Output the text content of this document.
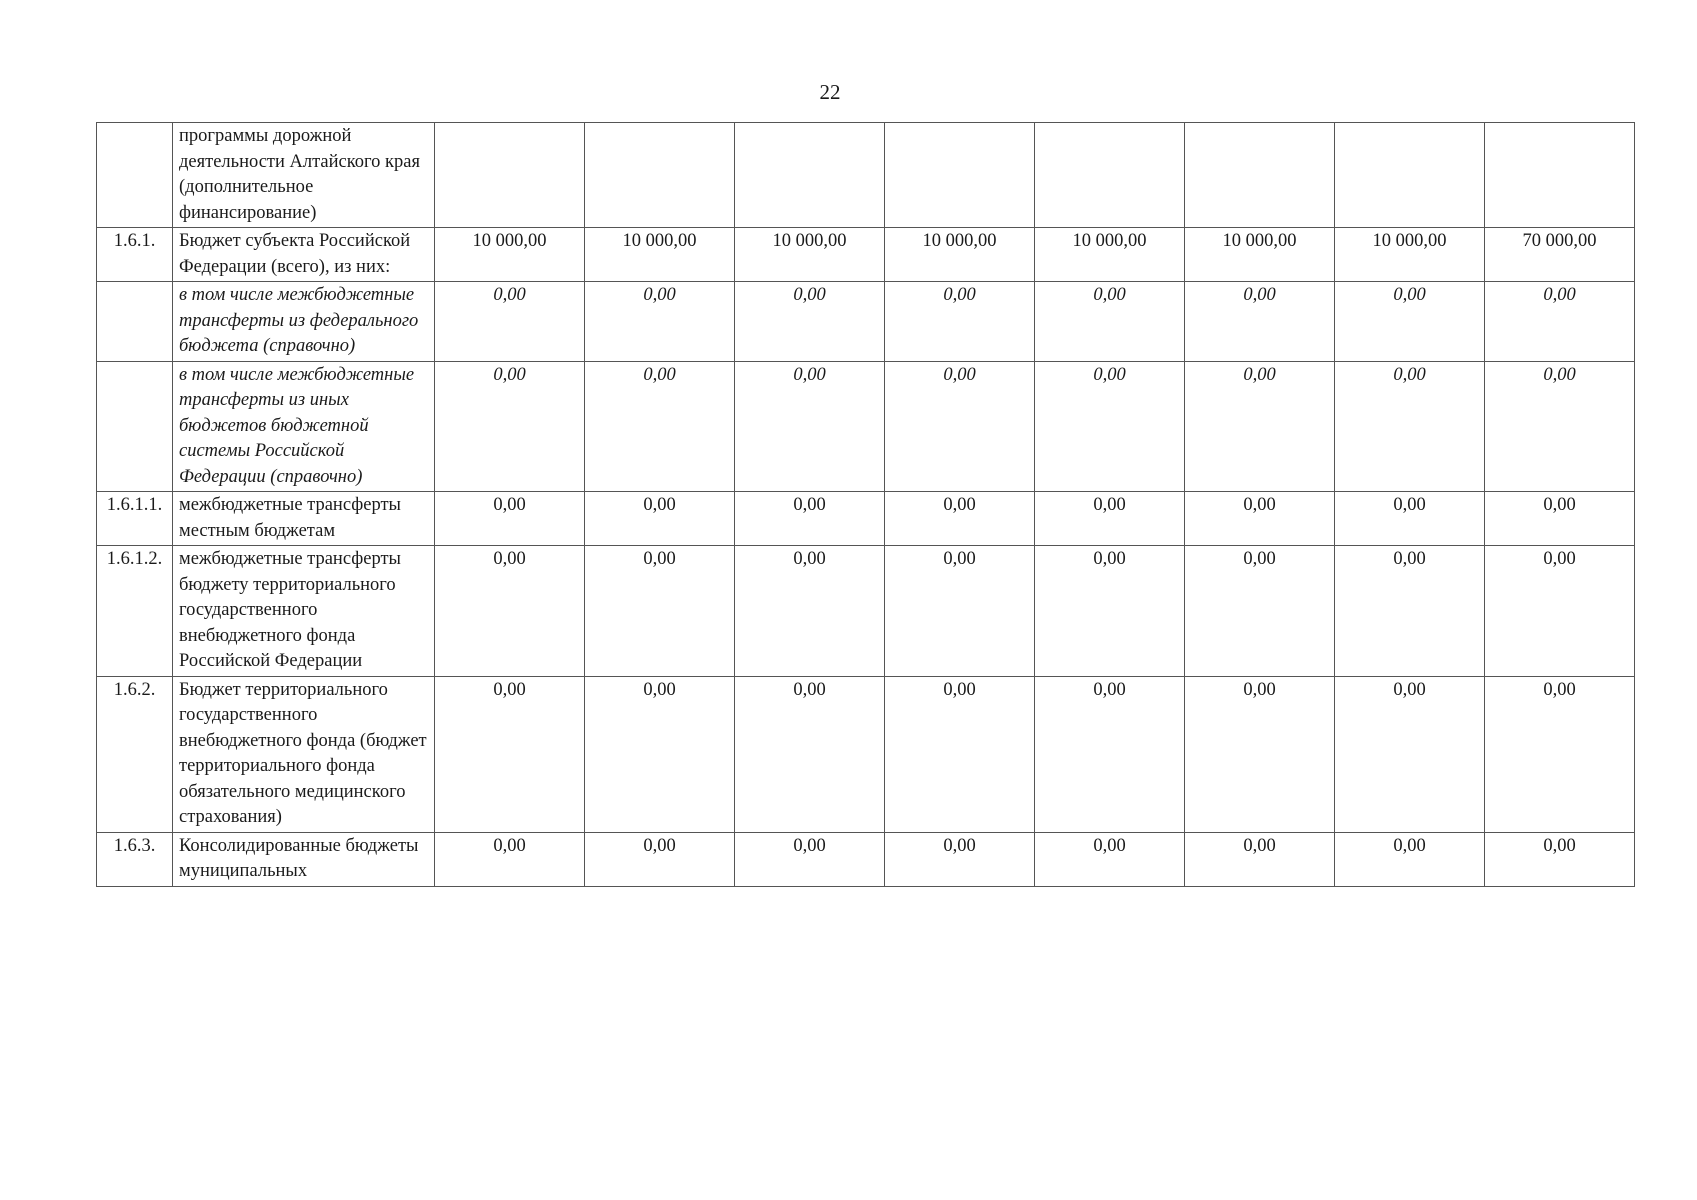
22
	программы дорожной деятельности Алтайского края (дополнительное финансирование)								
1.6.1.	Бюджет субъекта Российской Федерации (всего), из них:	10 000,00	10 000,00	10 000,00	10 000,00	10 000,00	10 000,00	10 000,00	70 000,00
	в том числе межбюджетные трансферты из федерального бюджета (справочно)	0,00	0,00	0,00	0,00	0,00	0,00	0,00	0,00
	в том числе межбюджетные трансферты из иных бюджетов бюджетной системы Российской Федерации (справочно)	0,00	0,00	0,00	0,00	0,00	0,00	0,00	0,00
1.6.1.1.	межбюджетные трансферты местным бюджетам	0,00	0,00	0,00	0,00	0,00	0,00	0,00	0,00
1.6.1.2.	межбюджетные трансферты бюджету территориального государственного внебюджетного фонда Российской Федерации	0,00	0,00	0,00	0,00	0,00	0,00	0,00	0,00
1.6.2.	Бюджет территориального государственного внебюджетного фонда (бюджет территориального фонда обязательного медицинского страхования)	0,00	0,00	0,00	0,00	0,00	0,00	0,00	0,00
1.6.3.	Консолидированные бюджеты муниципальных	0,00	0,00	0,00	0,00	0,00	0,00	0,00	0,00
